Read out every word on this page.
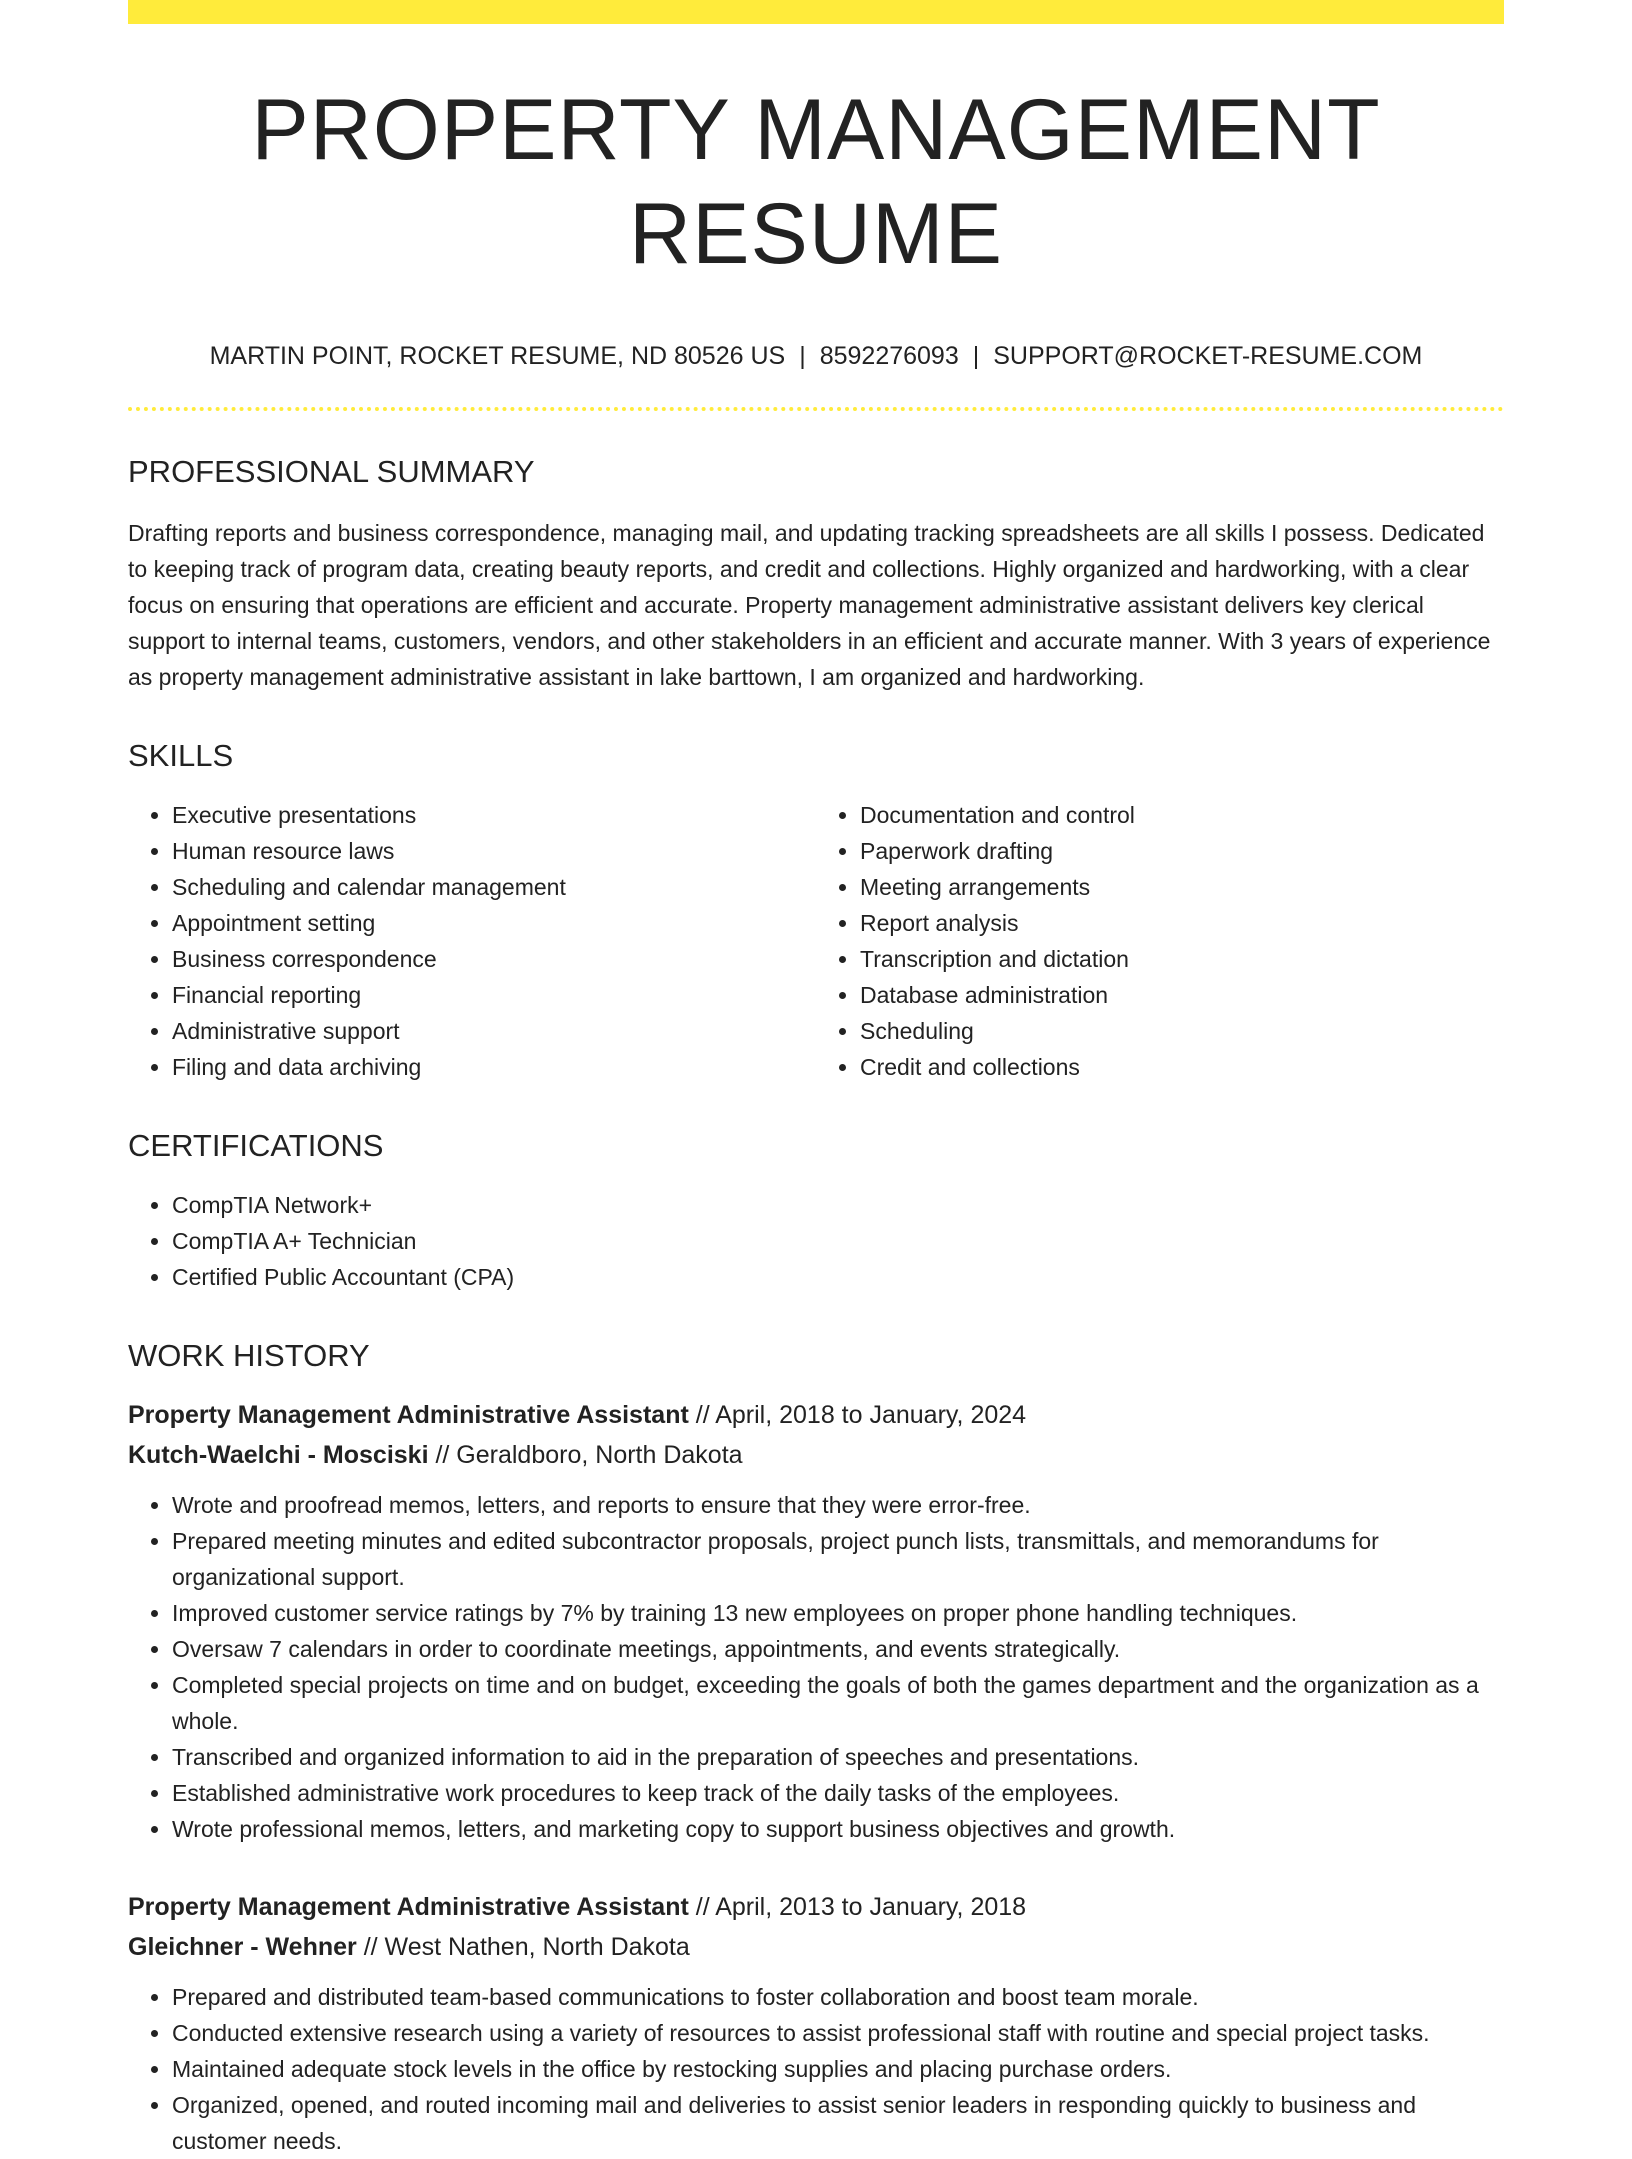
PROPERTY MANAGEMENT RESUME
MARTIN POINT, ROCKET RESUME, ND 80526 US | 8592276093 | SUPPORT@ROCKET-RESUME.COM
PROFESSIONAL SUMMARY

Drafting reports and business correspondence, managing mail, and updating tracking spreadsheets are all skills I possess. Dedicated to keeping track of program data, creating beauty reports, and credit and collections. Highly organized and hardworking, with a clear focus on ensuring that operations are efficient and accurate. Property management administrative assistant delivers key clerical support to internal teams, customers, vendors, and other stakeholders in an efficient and accurate manner. With 3 years of experience as property management administrative assistant in lake barttown, I am organized and hardworking.

SKILLS
• Executive presentations
• Human resource laws
• Scheduling and calendar management
• Appointment setting
• Business correspondence
• Financial reporting
• Administrative support
• Filing and data archiving
• Documentation and control
• Paperwork drafting
• Meeting arrangements
• Report analysis
• Transcription and dictation
• Database administration
• Scheduling
• Credit and collections
CERTIFICATIONS
• CompTIA Network+
• CompTIA A+ Technician
• Certified Public Accountant (CPA)
WORK HISTORY
Property Management Administrative Assistant // April, 2018 to January, 2024
Kutch-Waelchi - Mosciski // Geraldboro, North Dakota
• Wrote and proofread memos, letters, and reports to ensure that they were error-free.
• Prepared meeting minutes and edited subcontractor proposals, project punch lists, transmittals, and memorandums for organizational support.
• Improved customer service ratings by 7% by training 13 new employees on proper phone handling techniques.
• Oversaw 7 calendars in order to coordinate meetings, appointments, and events strategically.
• Completed special projects on time and on budget, exceeding the goals of both the games department and the organization as a whole.
• Transcribed and organized information to aid in the preparation of speeches and presentations.
• Established administrative work procedures to keep track of the daily tasks of the employees.
• Wrote professional memos, letters, and marketing copy to support business objectives and growth.
Property Management Administrative Assistant // April, 2013 to January, 2018
Gleichner - Wehner // West Nathen, North Dakota
• Prepared and distributed team-based communications to foster collaboration and boost team morale.
• Conducted extensive research using a variety of resources to assist professional staff with routine and special project tasks.
• Maintained adequate stock levels in the office by restocking supplies and placing purchase orders.
• Organized, opened, and routed incoming mail and deliveries to assist senior leaders in responding quickly to business and customer needs.
